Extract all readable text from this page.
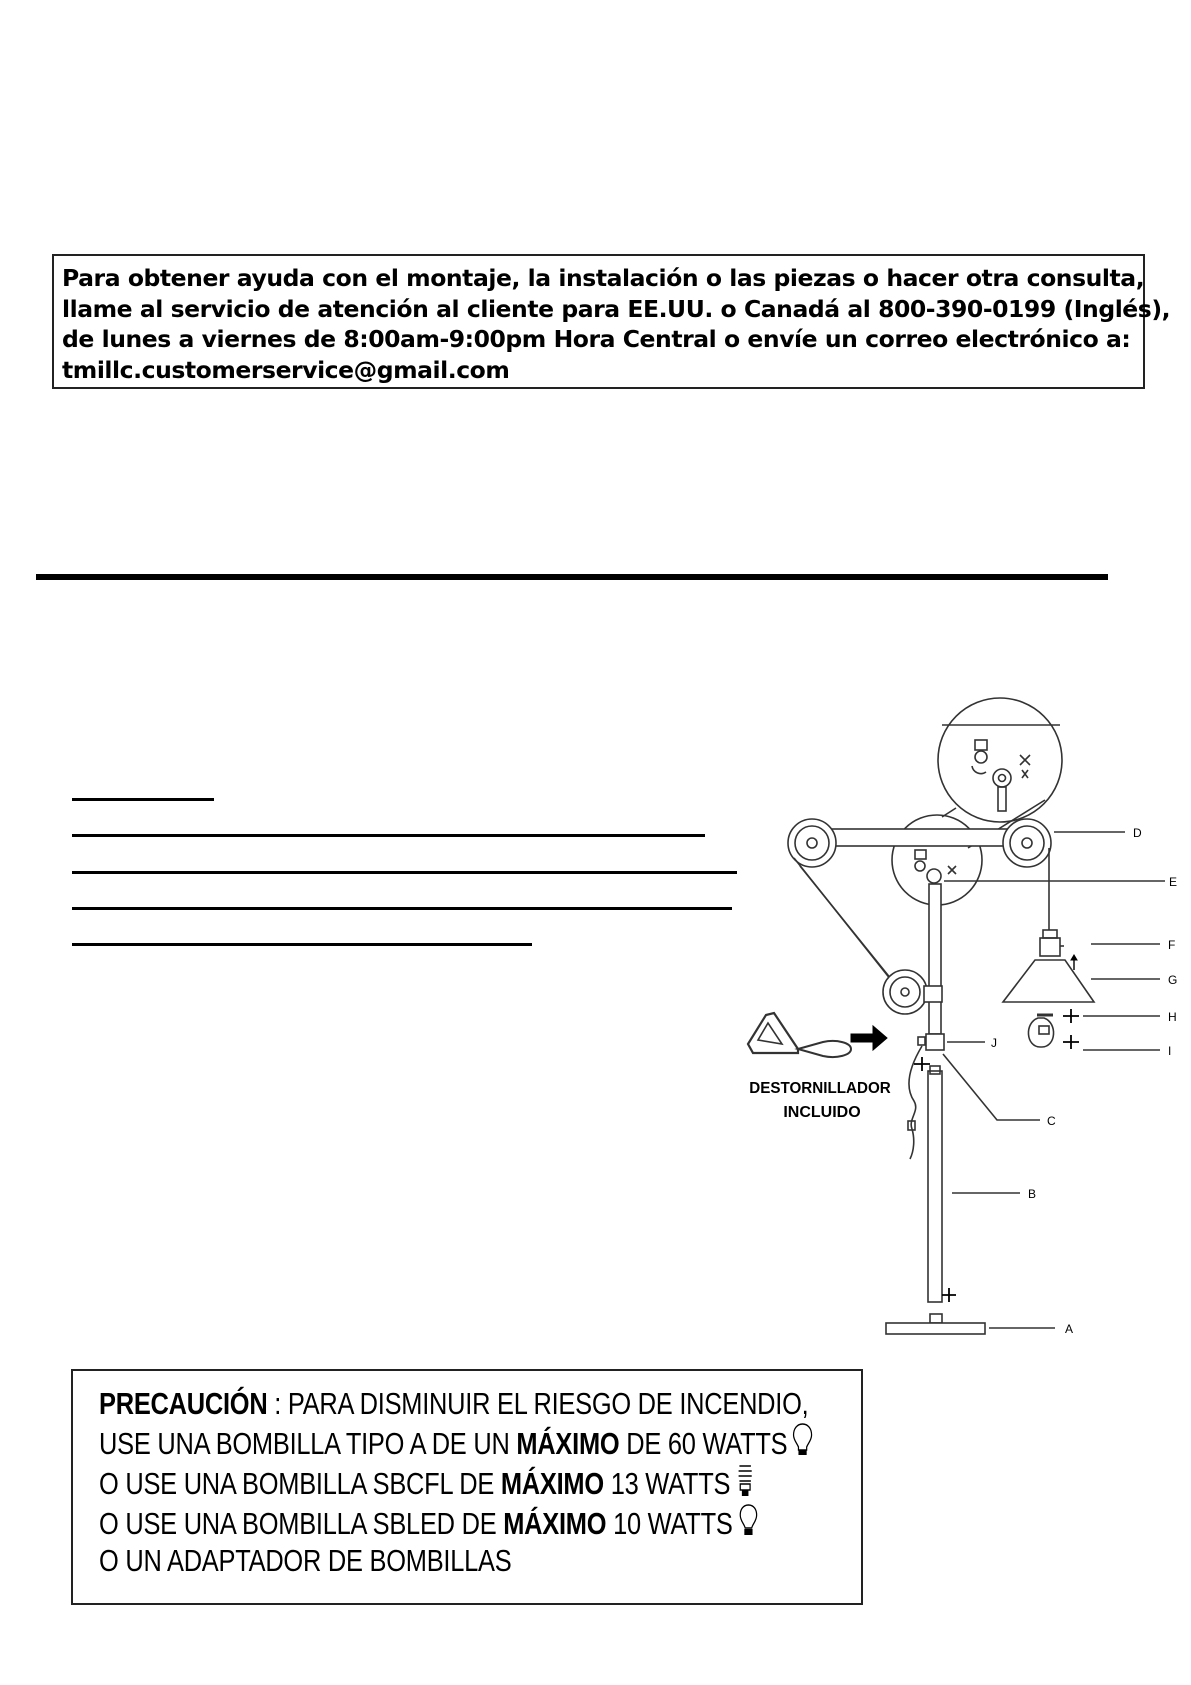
Para obtener ayuda con el montaje, la instalación o las piezas o hacer otra consulta,
llame al servicio de atención al cliente para EE.UU. o Canadá al 800-390-0199 (Inglés),
de lunes a viernes de 8:00am-9:00pm Hora Central o envíe un correo electrónico a:
tmillc.customerservice@gmail.com
D
E
F
G
H
I
J
C
B
A
DESTORNILLADOR
INCLUIDO
PRECAUCIÓN : PARA DISMINUIR EL RIESGO DE INCENDIO,
USE UNA BOMBILLA TIPO A DE UN MÁXIMO DE 60 WATTS
O USE UNA BOMBILLA SBCFL DE MÁXIMO 13 WATTS
O USE UNA BOMBILLA SBLED DE MÁXIMO 10 WATTS
O UN ADAPTADOR DE BOMBILLAS
